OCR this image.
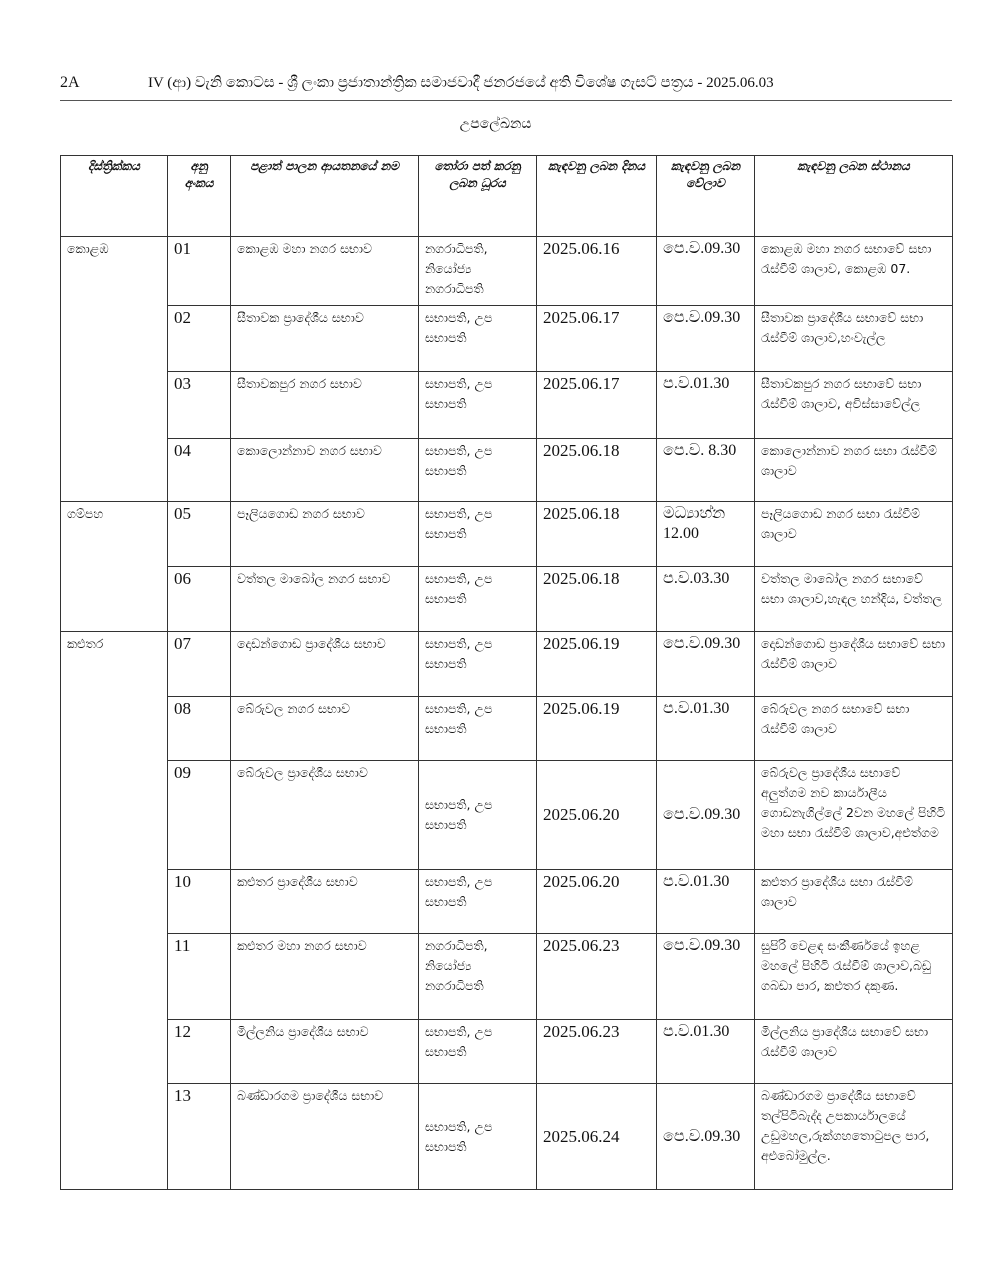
2A	IV (ආ) වැනි කොටස - ශ්‍රී ලංකා ප්‍රජාතාන්ත්‍රික සමාජවාදී ජනරජයේ අති විශේෂ ගැසට් පත්‍රය - 2025.06.03
උපලේඛනය
දිස්ත්‍රික්කය	අනු අංකය	පළාත් පාලන ආයතනයේ නම	තෝරා පත් කරනු ලබන ධූරය	කැඳවනු ලබන දිනය	කැඳවනු ලබන වේලාව	කැඳවනු ලබන ස්ථානය
කොළඹ	01	කොළඹ මහා නගර සභාව	නගරාධිපති, නියෝජ්‍ය නගරාධිපති	2025.06.16	පෙ.ව.09.30	කොළඹ මහා නගර සභාවේ සභා රැස්වීම් ශාලාව, කොළඹ 07.
	02	සීතාවක ප්‍රාදේශීය සභාව	සභාපති, උප සභාපති	2025.06.17	පෙ.ව.09.30	සීතාවක ප්‍රාදේශීය සභාවේ සභා රැස්වීම් ශාලාව,හංවැල්ල
	03	සීතාවකපුර නගර සභාව	සභාපති, උප සභාපති	2025.06.17	ප.ව.01.30	සීතාවකපුර නගර සභාවේ සභා රැස්වීම් ශාලාව, අවිස්සාවේල්ල
	04	කොලොන්නාව නගර සභාව	සභාපති, උප සභාපති	2025.06.18	පෙ.ව. 8.30	කොලොන්නාව නගර සභා රැස්වීම් ශාලාව
ගම්පහ	05	පෑලියගොඩ නගර සභාව	සභාපති, උප සභාපති	2025.06.18	මධ්‍යාහ්න 12.00	පෑලියගොඩ නගර සභා රැස්වීම් ශාලාව
	06	වත්තල මාබෝල නගර සභාව	සභාපති, උප සභාපති	2025.06.18	ප.ව.03.30	වත්තල මාබෝල නගර සභාවේ සභා ශාලාව,හැඳල හන්දිය, වත්තල
කළුතර	07	දොඩන්ගොඩ ප්‍රාදේශීය සභාව	සභාපති, උප සභාපති	2025.06.19	පෙ.ව.09.30	දොඩන්ගොඩ ප්‍රාදේශීය සභාවේ සභා රැස්වීම් ශාලාව
	08	බේරුවල නගර සභාව	සභාපති, උප සභාපති	2025.06.19	ප.ව.01.30	බේරුවල නගර සභාවේ සභා රැස්වීම් ශාලාව
	09	බේරුවල ප්‍රාදේශීය සභාව	සභාපති, උප සභාපති	2025.06.20	පෙ.ව.09.30	බේරුවල ප්‍රාදේශීය සභාවේ අලුත්ගම නව කාර්යාලීය ගොඩනැගිල්ලේ 2වන මහලේ පිහිටි මහා සභා රැස්වීම් ශාලාව,අළුත්ගම
	10	කළුතර ප්‍රාදේශීය සභාව	සභාපති, උප සභාපති	2025.06.20	ප.ව.01.30	කළුතර ප්‍රාදේශීය සභා රැස්වීම් ශාලාව
	11	කළුතර මහා නගර සභාව	නගරාධිපති, නියෝජ්‍ය නගරාධිපති	2025.06.23	පෙ.ව.09.30	සුපිරි වෙළඳ සංකීර්ණයේ ඉහළ මහලේ පිහිටි රැස්වීම් ශාලාව,බඩු ගබඩා පාර, කළුතර දකුණ.
	12	මිල්ලනිය ප්‍රාදේශීය සභාව	සභාපති, උප සභාපති	2025.06.23	ප.ව.01.30	මිල්ලනිය ප්‍රාදේශීය සභාවේ සභා රැස්වීම් ශාලාව
	13	බණ්ඩාරගම ප්‍රාදේශීය සභාව	සභාපති, උප සභාපති	2025.06.24	පෙ.ව.09.30	බණ්ඩාරගම ප්‍රාදේශීය සභාවේ තල්පිටිබැද්ද උපකාර්යාලයේ උඩුමහල,රුක්ගහතොටුපල පාර, අළුබෝමුල්ල.
